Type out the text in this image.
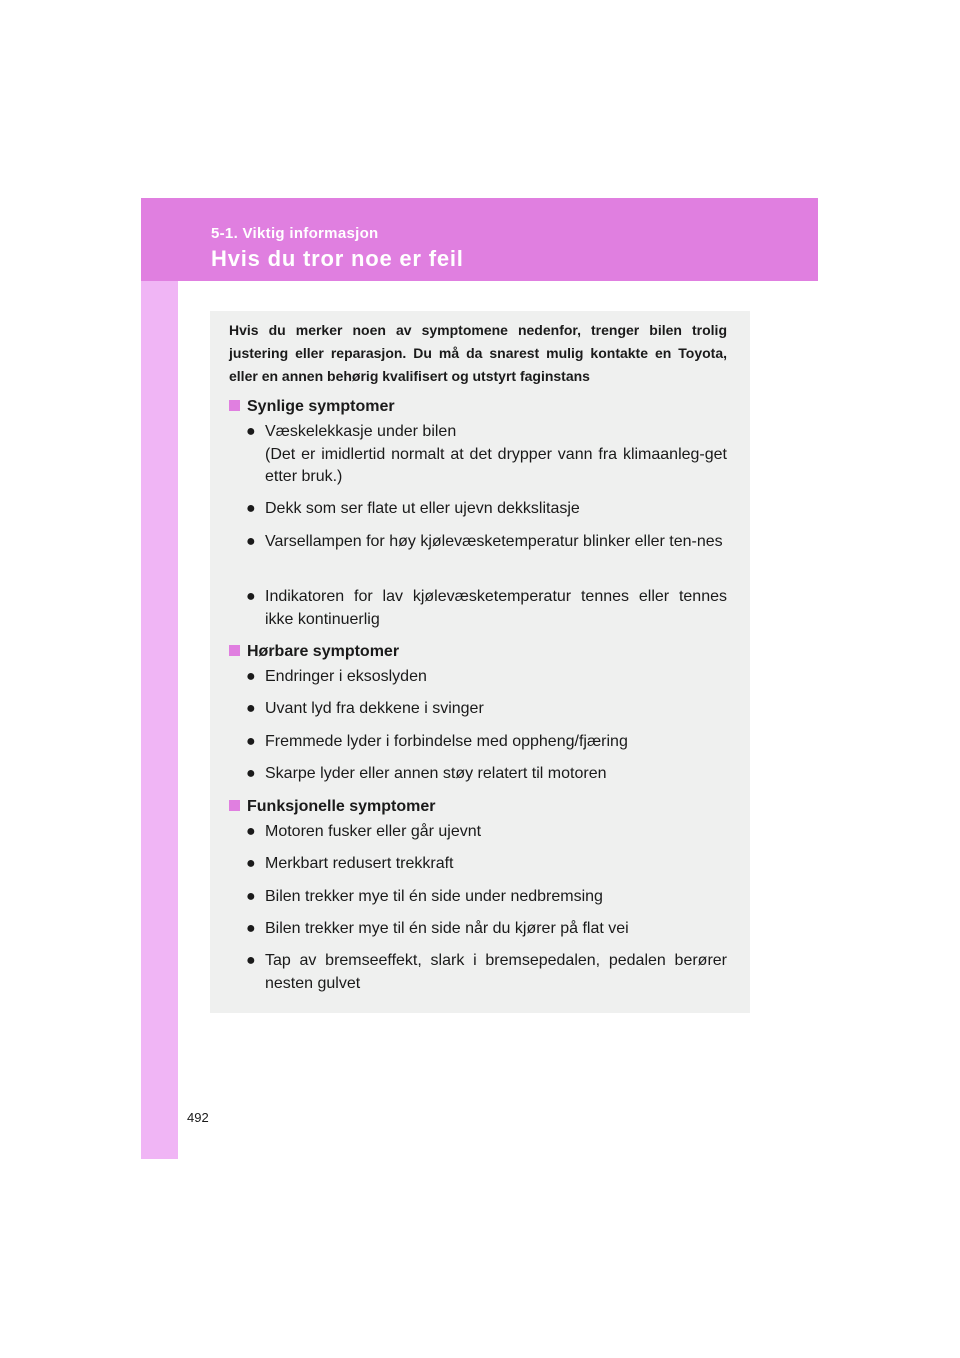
5-1. Viktig informasjon
Hvis du tror noe er feil

Hvis du merker noen av symptomene nedenfor, trenger bilen trolig justering eller reparasjon. Du må da snarest mulig kontakte en Toyota, eller en annen behørig kvalifisert og utstyrt faginstans

Synlige symptomer
● Væskelekkasje under bilen
(Det er imidlertid normalt at det drypper vann fra klimaanleg-get etter bruk.)
● Dekk som ser flate ut eller ujevn dekkslitasje
● Varsellampen for høy kjølevæsketemperatur blinker eller ten-nes
● Indikatoren for lav kjølevæsketemperatur tennes eller tennes ikke kontinuerlig
Hørbare symptomer
● Endringer i eksoslyden
● Uvant lyd fra dekkene i svinger
● Fremmede lyder i forbindelse med oppheng/fjæring
● Skarpe lyder eller annen støy relatert til motoren
Funksjonelle symptomer
● Motoren fusker eller går ujevnt
● Merkbart redusert trekkraft
● Bilen trekker mye til én side under nedbremsing
● Bilen trekker mye til én side når du kjører på flat vei
● Tap av bremseeffekt, slark i bremsepedalen, pedalen berører nesten gulvet
492
